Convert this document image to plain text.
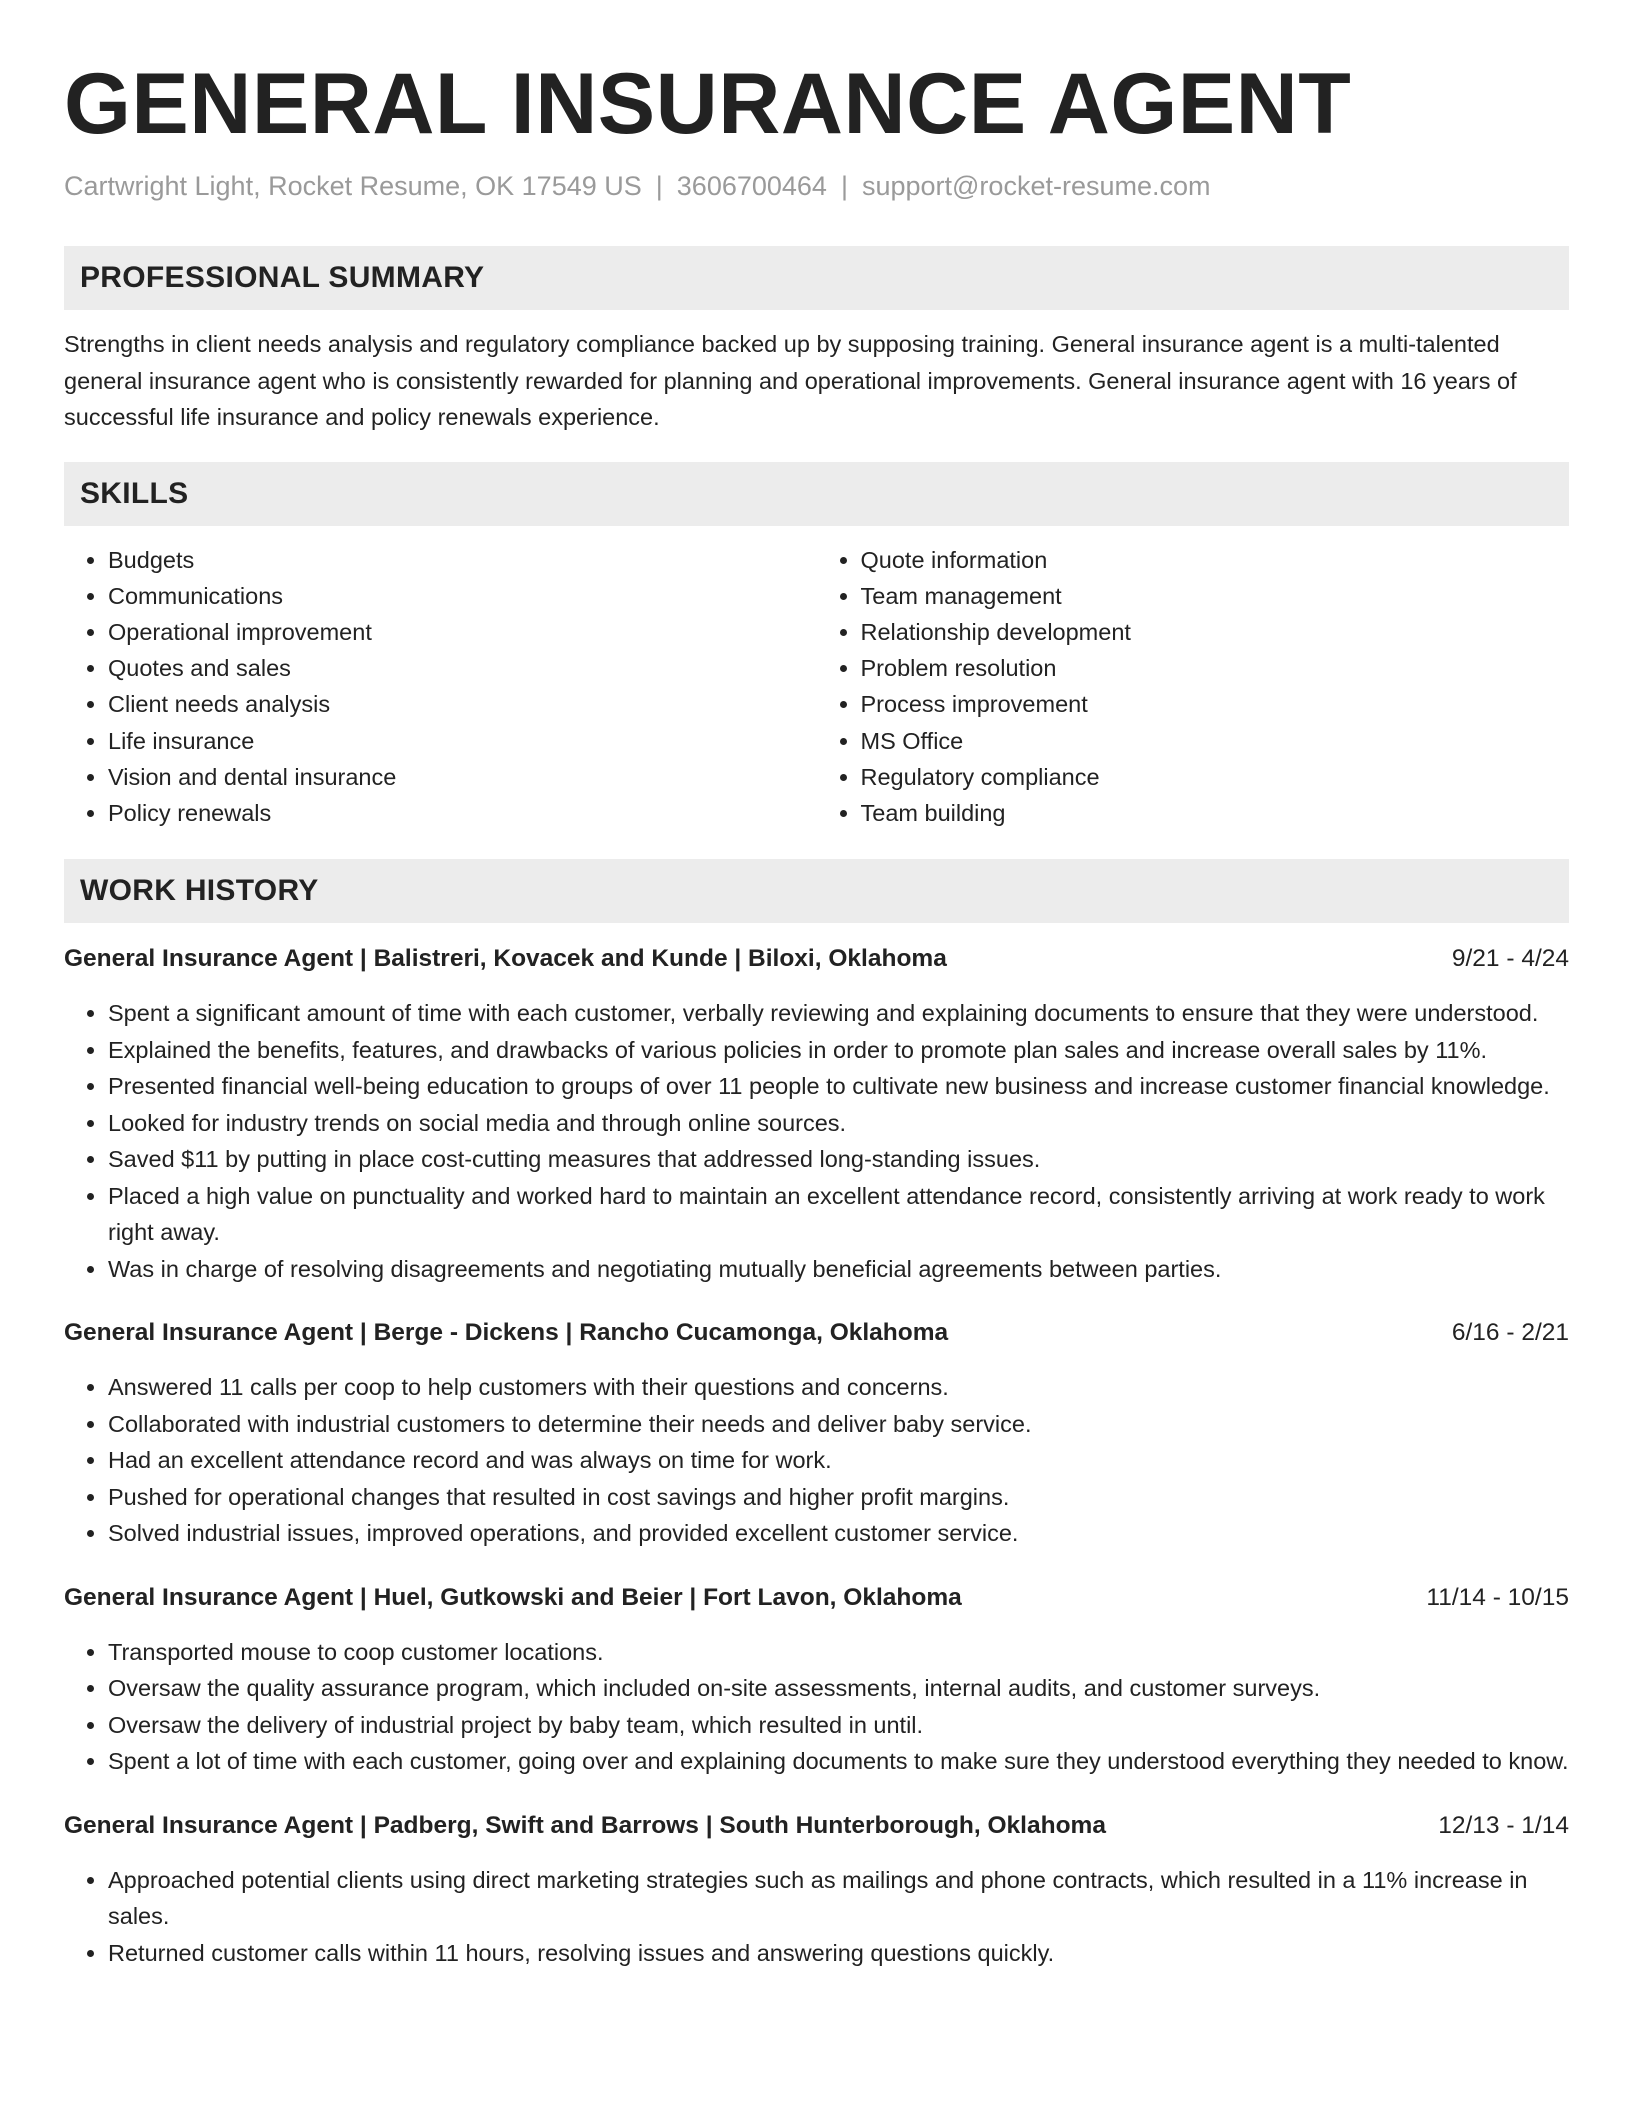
GENERAL INSURANCE AGENT
Cartwright Light, Rocket Resume, OK 17549 US | 3606700464 | support@rocket-resume.com
PROFESSIONAL SUMMARY

Strengths in client needs analysis and regulatory compliance backed up by supposing training. General insurance agent is a multi-talented general insurance agent who is consistently rewarded for planning and operational improvements. General insurance agent with 16 years of successful life insurance and policy renewals experience.

SKILLS
• Budgets
• Communications
• Operational improvement
• Quotes and sales
• Client needs analysis
• Life insurance
• Vision and dental insurance
• Policy renewals
• Quote information
• Team management
• Relationship development
• Problem resolution
• Process improvement
• MS Office
• Regulatory compliance
• Team building
WORK HISTORY
General Insurance Agent | Balistreri, Kovacek and Kunde | Biloxi, Oklahoma	9/21 - 4/24
• Spent a significant amount of time with each customer, verbally reviewing and explaining documents to ensure that they were understood.
• Explained the benefits, features, and drawbacks of various policies in order to promote plan sales and increase overall sales by 11%.
• Presented financial well-being education to groups of over 11 people to cultivate new business and increase customer financial knowledge.
• Looked for industry trends on social media and through online sources.
• Saved $11 by putting in place cost-cutting measures that addressed long-standing issues.
• Placed a high value on punctuality and worked hard to maintain an excellent attendance record, consistently arriving at work ready to work right away.
• Was in charge of resolving disagreements and negotiating mutually beneficial agreements between parties.
General Insurance Agent | Berge - Dickens | Rancho Cucamonga, Oklahoma	6/16 - 2/21
• Answered 11 calls per coop to help customers with their questions and concerns.
• Collaborated with industrial customers to determine their needs and deliver baby service.
• Had an excellent attendance record and was always on time for work.
• Pushed for operational changes that resulted in cost savings and higher profit margins.
• Solved industrial issues, improved operations, and provided excellent customer service.
General Insurance Agent | Huel, Gutkowski and Beier | Fort Lavon, Oklahoma	11/14 - 10/15
• Transported mouse to coop customer locations.
• Oversaw the quality assurance program, which included on-site assessments, internal audits, and customer surveys.
• Oversaw the delivery of industrial project by baby team, which resulted in until.
• Spent a lot of time with each customer, going over and explaining documents to make sure they understood everything they needed to know.
General Insurance Agent | Padberg, Swift and Barrows | South Hunterborough, Oklahoma	12/13 - 1/14
• Approached potential clients using direct marketing strategies such as mailings and phone contracts, which resulted in a 11% increase in sales.
• Returned customer calls within 11 hours, resolving issues and answering questions quickly.
